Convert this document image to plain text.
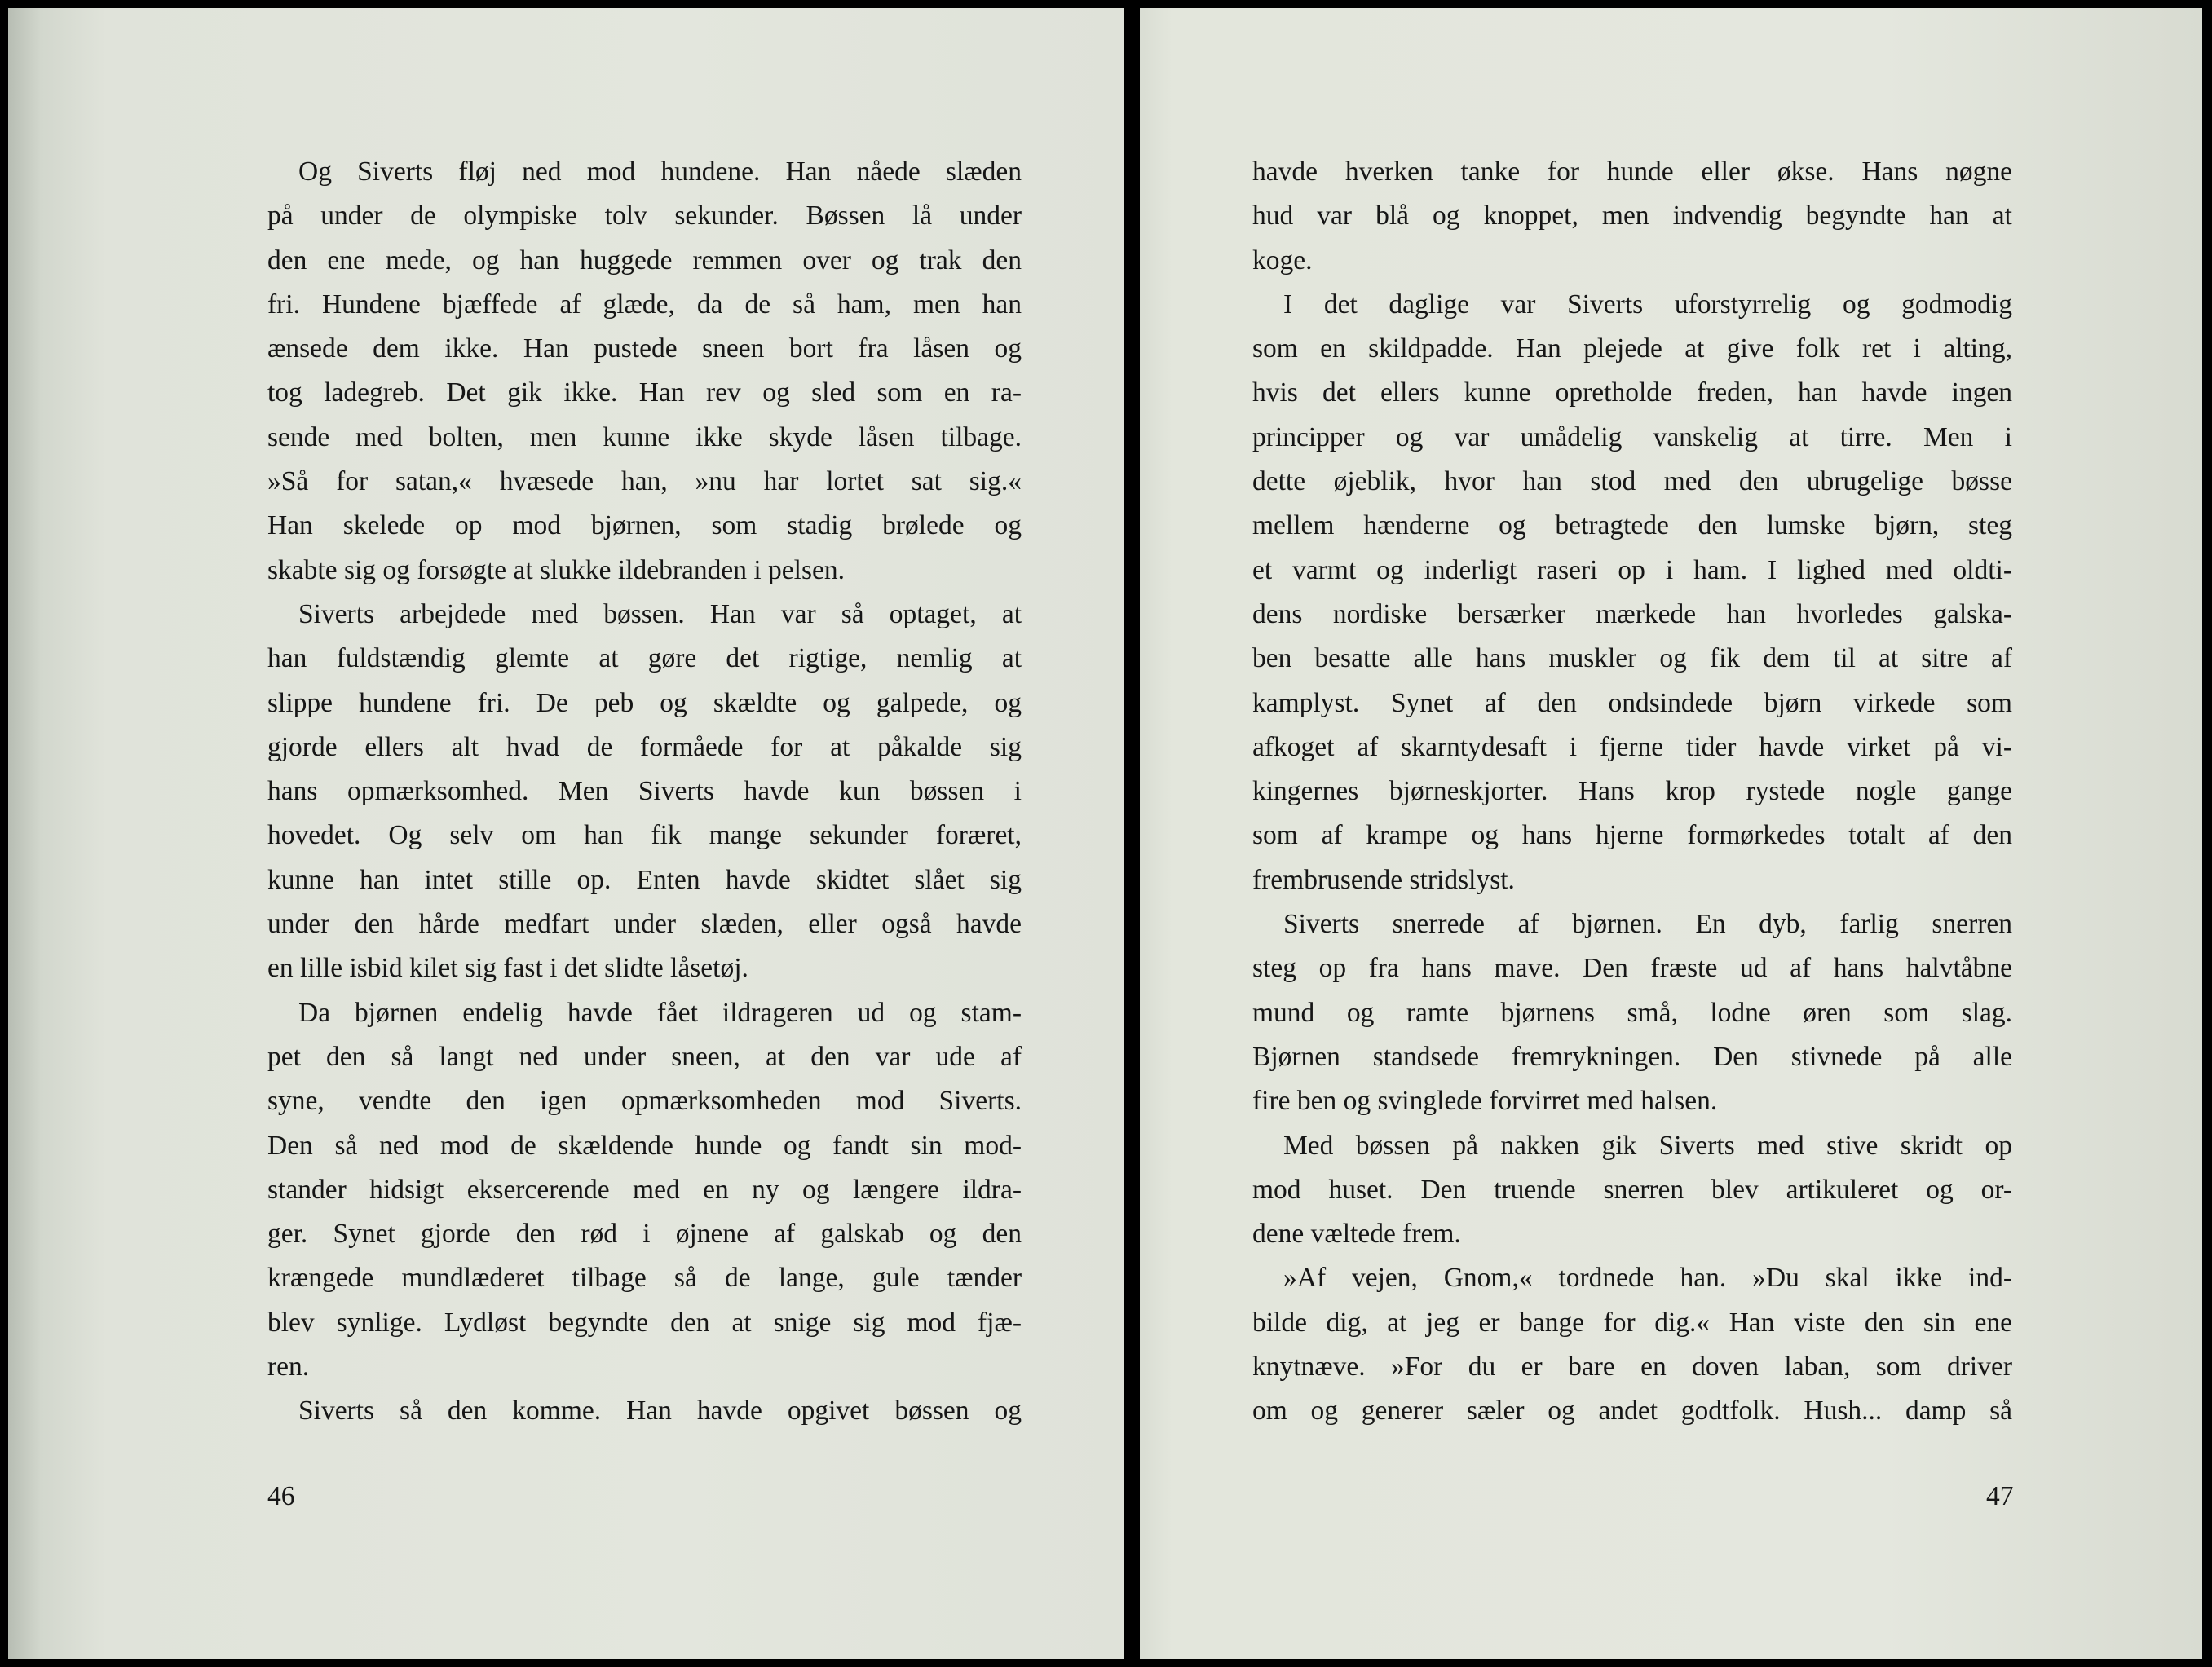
Og Siverts fløj ned mod hundene. Han nåede slæden
på under de olympiske tolv sekunder. Bøssen lå under
den ene mede, og han huggede remmen over og trak den
fri. Hundene bjæffede af glæde, da de så ham, men han
ænsede dem ikke. Han pustede sneen bort fra låsen og
tog ladegreb. Det gik ikke. Han rev og sled som en ra-
sende med bolten, men kunne ikke skyde låsen tilbage.
»Så for satan,« hvæsede han, »nu har lortet sat sig.«
Han skelede op mod bjørnen, som stadig brølede og
skabte sig og forsøgte at slukke ildebranden i pelsen.
Siverts arbejdede med bøssen. Han var så optaget, at
han fuldstændig glemte at gøre det rigtige, nemlig at
slippe hundene fri. De peb og skældte og galpede, og
gjorde ellers alt hvad de formåede for at påkalde sig
hans opmærksomhed. Men Siverts havde kun bøssen i
hovedet. Og selv om han fik mange sekunder foræret,
kunne han intet stille op. Enten havde skidtet slået sig
under den hårde medfart under slæden, eller også havde
en lille isbid kilet sig fast i det slidte låsetøj.
Da bjørnen endelig havde fået ildrageren ud og stam-
pet den så langt ned under sneen, at den var ude af
syne, vendte den igen opmærksomheden mod Siverts.
Den så ned mod de skældende hunde og fandt sin mod-
stander hidsigt eksercerende med en ny og længere ildra-
ger. Synet gjorde den rød i øjnene af galskab og den
krængede mundlæderet tilbage så de lange, gule tænder
blev synlige. Lydløst begyndte den at snige sig mod fjæ-
ren.
Siverts så den komme. Han havde opgivet bøssen og
46
havde hverken tanke for hunde eller økse. Hans nøgne
hud var blå og knoppet, men indvendig begyndte han at
koge.
I det daglige var Siverts uforstyrrelig og godmodig
som en skildpadde. Han plejede at give folk ret i alting,
hvis det ellers kunne opretholde freden, han havde ingen
principper og var umådelig vanskelig at tirre. Men i
dette øjeblik, hvor han stod med den ubrugelige bøsse
mellem hænderne og betragtede den lumske bjørn, steg
et varmt og inderligt raseri op i ham. I lighed med oldti-
dens nordiske bersærker mærkede han hvorledes galska-
ben besatte alle hans muskler og fik dem til at sitre af
kamplyst. Synet af den ondsindede bjørn virkede som
afkoget af skarntydesaft i fjerne tider havde virket på vi-
kingernes bjørneskjorter. Hans krop rystede nogle gange
som af krampe og hans hjerne formørkedes totalt af den
frembrusende stridslyst.
Siverts snerrede af bjørnen. En dyb, farlig snerren
steg op fra hans mave. Den fræste ud af hans halvtåbne
mund og ramte bjørnens små, lodne øren som slag.
Bjørnen standsede fremrykningen. Den stivnede på alle
fire ben og svinglede forvirret med halsen.
Med bøssen på nakken gik Siverts med stive skridt op
mod huset. Den truende snerren blev artikuleret og or-
dene væltede frem.
»Af vejen, Gnom,« tordnede han. »Du skal ikke ind-
bilde dig, at jeg er bange for dig.« Han viste den sin ene
knytnæve. »For du er bare en doven laban, som driver
om og generer sæler og andet godtfolk. Hush... damp så
47
